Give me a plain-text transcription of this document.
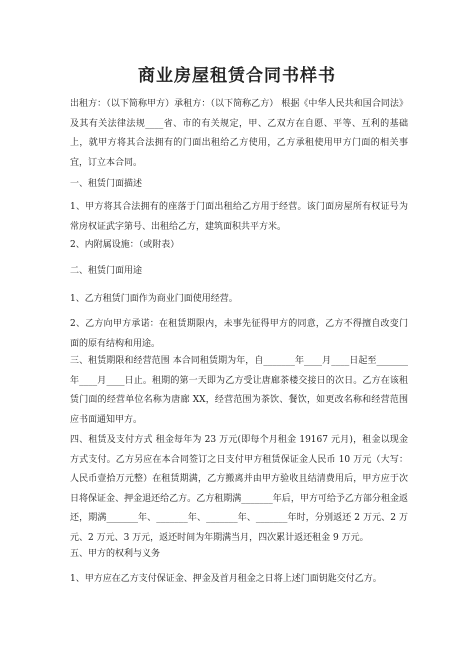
商业房屋租赁合同书样书
出租方：（以下简称甲方）承租方：（以下简称乙方） 根据《中华人民共和国合同法》及其有关法律法规____省、市的有关规定，甲、乙双方在自愿、平等、互利的基础上，就甲方将其合法拥有的门面出租给乙方使用，乙方承租使用甲方门面的相关事宜，订立本合同。
一、租赁门面描述
1、甲方将其合法拥有的座落于门面出租给乙方用于经营。该门面房屋所有权证号为常房权证武字第号、出租给乙方，建筑面积共平方米。
2、内附属设施：（或附表）
二、租赁门面用途
1、乙方租赁门面作为商业门面使用经营。
2、乙方向甲方承诺：在租赁期限内，未事先征得甲方的同意，乙方不得擅自改变门面的原有结构和用途。
三、租赁期限和经营范围 本合同租赁期为年，自_______年____月____日起至_______年____月____日止。租期的第一天即为乙方受让唐廊茶楼交接日的次日。乙方在该租赁门面的经营单位名称为唐廊 XX，经营范围为茶饮、餐饮，如更改名称和经营范围应书面通知甲方。
四、租赁及支付方式 租金每年为 23 万元(即每个月租金 19167 元月)，租金以现金方式支付。乙方另应在本合同签订之日支付甲方租赁保证金人民币 10 万元（大写：人民币壹拾万元整）在租赁期满，乙方搬离并由甲方验收且结清费用后，甲方应于次日将保证金、押金退还给乙方。乙方租期满_______年后，甲方可给予乙方部分租金返还，期满_______年、_______年、_______年、_______年时，分别返还 2 万元、2 万元、2 万元、3 万元，返还时间为年期满当月，四次累计返还租金 9 万元。
五、甲方的权利与义务
1、甲方应在乙方支付保证金、押金及首月租金之日将上述门面钥匙交付乙方。
